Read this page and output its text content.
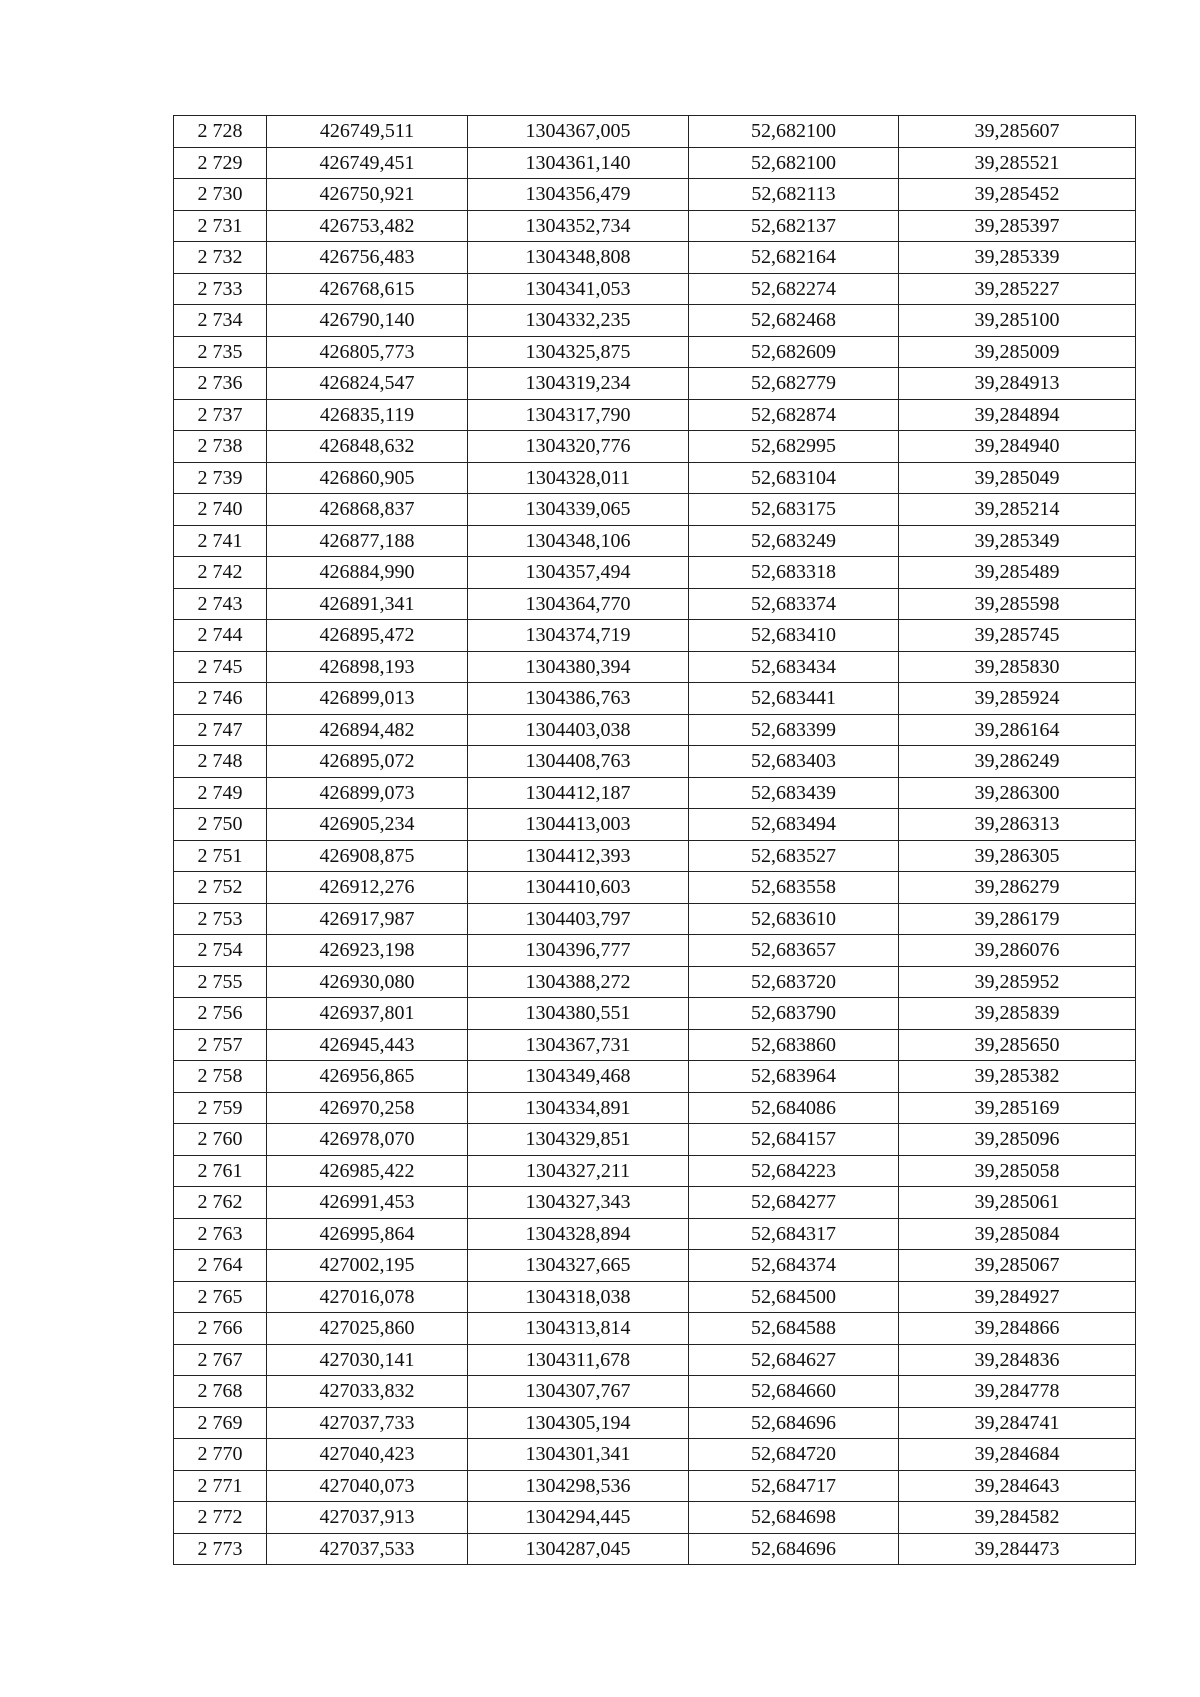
2 728	426749,511	1304367,005	52,682100	39,285607
2 729	426749,451	1304361,140	52,682100	39,285521
2 730	426750,921	1304356,479	52,682113	39,285452
2 731	426753,482	1304352,734	52,682137	39,285397
2 732	426756,483	1304348,808	52,682164	39,285339
2 733	426768,615	1304341,053	52,682274	39,285227
2 734	426790,140	1304332,235	52,682468	39,285100
2 735	426805,773	1304325,875	52,682609	39,285009
2 736	426824,547	1304319,234	52,682779	39,284913
2 737	426835,119	1304317,790	52,682874	39,284894
2 738	426848,632	1304320,776	52,682995	39,284940
2 739	426860,905	1304328,011	52,683104	39,285049
2 740	426868,837	1304339,065	52,683175	39,285214
2 741	426877,188	1304348,106	52,683249	39,285349
2 742	426884,990	1304357,494	52,683318	39,285489
2 743	426891,341	1304364,770	52,683374	39,285598
2 744	426895,472	1304374,719	52,683410	39,285745
2 745	426898,193	1304380,394	52,683434	39,285830
2 746	426899,013	1304386,763	52,683441	39,285924
2 747	426894,482	1304403,038	52,683399	39,286164
2 748	426895,072	1304408,763	52,683403	39,286249
2 749	426899,073	1304412,187	52,683439	39,286300
2 750	426905,234	1304413,003	52,683494	39,286313
2 751	426908,875	1304412,393	52,683527	39,286305
2 752	426912,276	1304410,603	52,683558	39,286279
2 753	426917,987	1304403,797	52,683610	39,286179
2 754	426923,198	1304396,777	52,683657	39,286076
2 755	426930,080	1304388,272	52,683720	39,285952
2 756	426937,801	1304380,551	52,683790	39,285839
2 757	426945,443	1304367,731	52,683860	39,285650
2 758	426956,865	1304349,468	52,683964	39,285382
2 759	426970,258	1304334,891	52,684086	39,285169
2 760	426978,070	1304329,851	52,684157	39,285096
2 761	426985,422	1304327,211	52,684223	39,285058
2 762	426991,453	1304327,343	52,684277	39,285061
2 763	426995,864	1304328,894	52,684317	39,285084
2 764	427002,195	1304327,665	52,684374	39,285067
2 765	427016,078	1304318,038	52,684500	39,284927
2 766	427025,860	1304313,814	52,684588	39,284866
2 767	427030,141	1304311,678	52,684627	39,284836
2 768	427033,832	1304307,767	52,684660	39,284778
2 769	427037,733	1304305,194	52,684696	39,284741
2 770	427040,423	1304301,341	52,684720	39,284684
2 771	427040,073	1304298,536	52,684717	39,284643
2 772	427037,913	1304294,445	52,684698	39,284582
2 773	427037,533	1304287,045	52,684696	39,284473
